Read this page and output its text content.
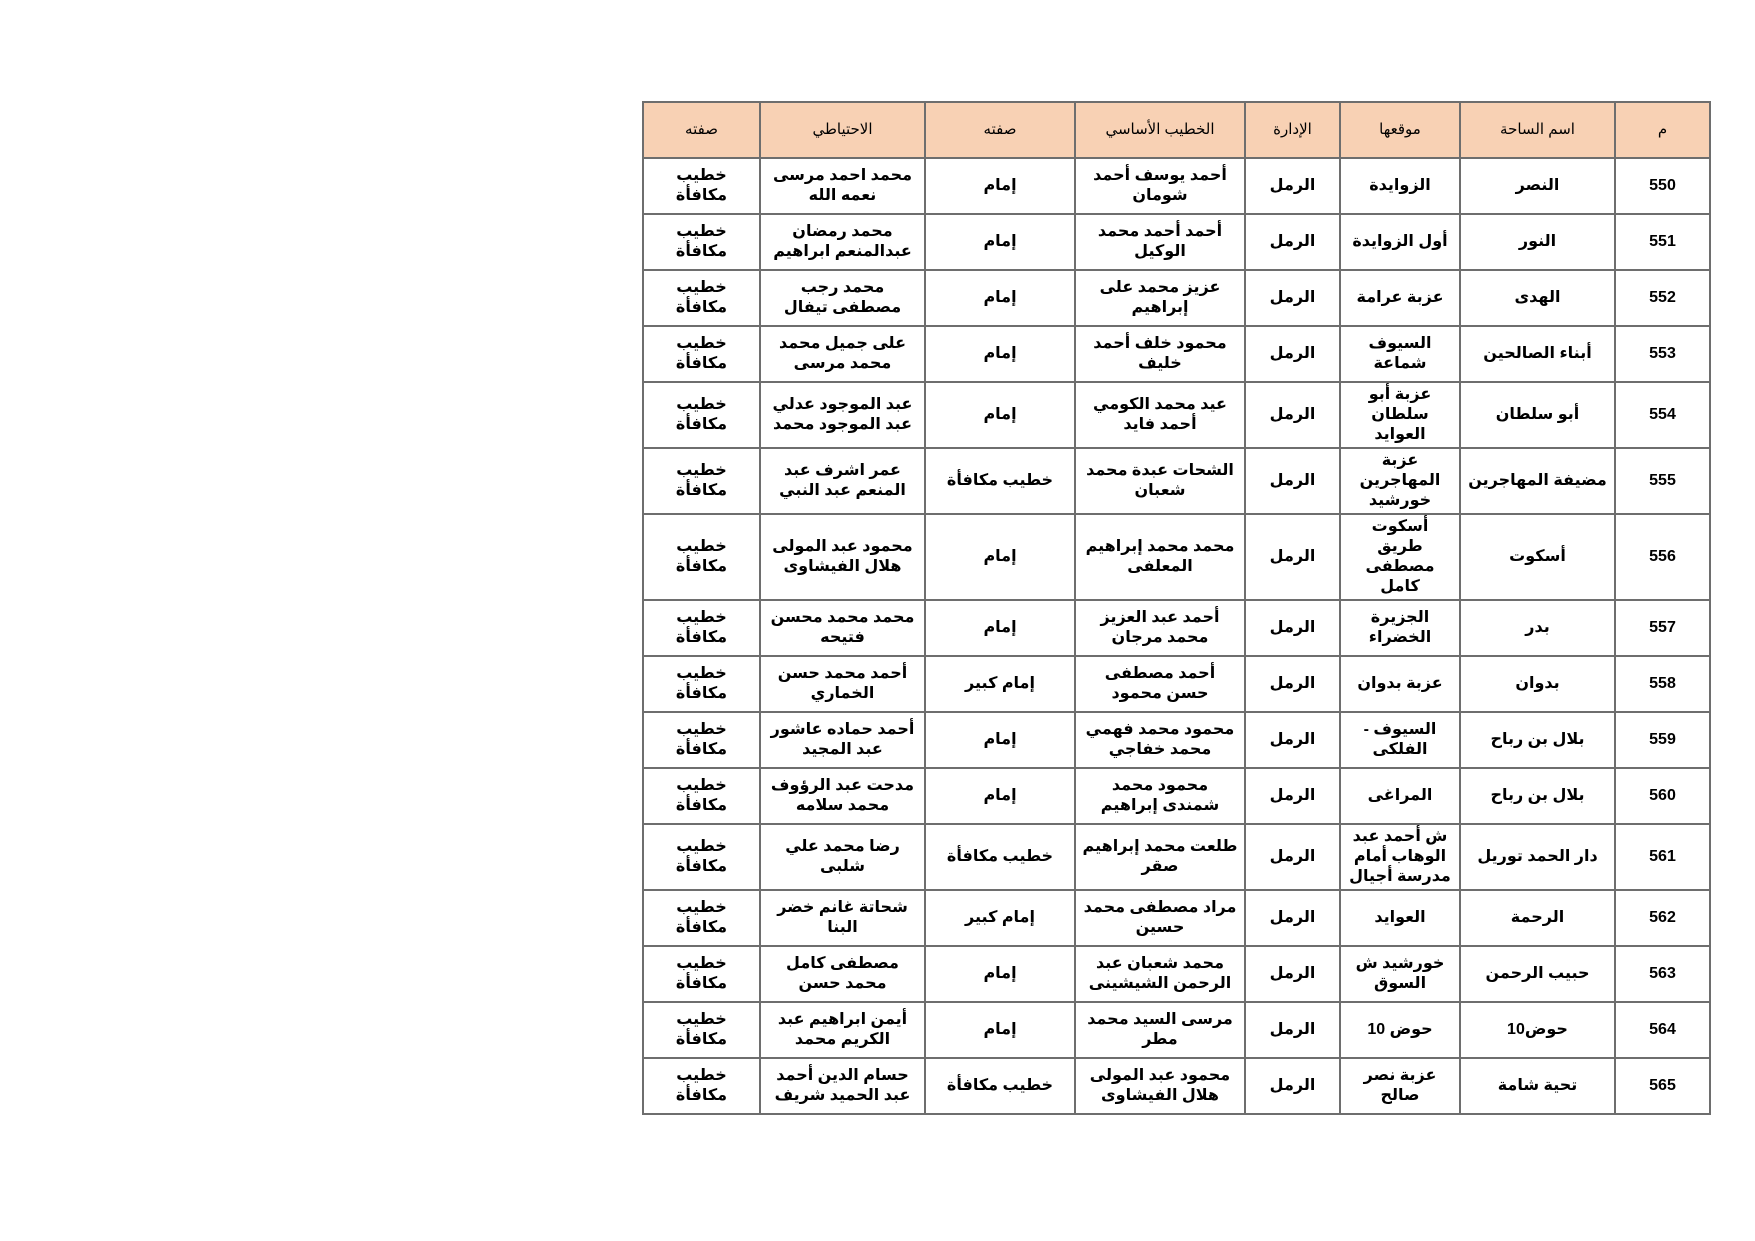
م	اسم الساحة	موقعها	الإدارة	الخطيب الأساسي	صفته	الاحتياطي	صفته
550	النصر	الزوايدة	الرمل	أحمد يوسف أحمد شومان	إمام	محمد احمد مرسى نعمه الله	خطيب مكافأة
551	النور	أول الزوايدة	الرمل	أحمد أحمد محمد الوكيل	إمام	محمد رمضان عبدالمنعم ابراهيم	خطيب مكافأة
552	الهدى	عزبة عرامة	الرمل	عزيز محمد على إبراهيم	إمام	محمد رجب مصطفى تيفال	خطيب مكافأة
553	أبناء الصالحين	السيوف شماعة	الرمل	محمود خلف أحمد خليف	إمام	على جميل محمد محمد مرسى	خطيب مكافأة
554	أبو سلطان	عزبة أبو سلطان العوايد	الرمل	عيد محمد الكومي أحمد فايد	إمام	عبد الموجود عدلي عبد الموجود محمد	خطيب مكافأة
555	مضيفة المهاجرين	عزبة المهاجرين خورشيد	الرمل	الشحات عبدة محمد شعبان	خطيب مكافأة	عمر اشرف عبد المنعم عبد النبي	خطيب مكافأة
556	أسكوت	أسكوت طريق مصطفى كامل	الرمل	محمد محمد إبراهيم المعلفى	إمام	محمود عبد المولى هلال الفيشاوى	خطيب مكافأة
557	بدر	الجزيرة الخضراء	الرمل	أحمد عبد العزيز محمد مرجان	إمام	محمد محمد محسن فتيحه	خطيب مكافأة
558	بدوان	عزبة بدوان	الرمل	أحمد مصطفى حسن محمود	إمام كبير	أحمد محمد حسن الخماري	خطيب مكافأة
559	بلال بن رباح	السيوف - الفلكى	الرمل	محمود محمد فهمي محمد خفاجي	إمام	أحمد حماده عاشور عبد المجيد	خطيب مكافأة
560	بلال بن رباح	المراغى	الرمل	محمود محمد شمندى إبراهيم	إمام	مدحت عبد الرؤوف محمد سلامه	خطيب مكافأة
561	دار الحمد توريل	ش أحمد عبد الوهاب أمام مدرسة أجيال	الرمل	طلعت محمد إبراهيم صقر	خطيب مكافأة	رضا محمد علي شلبى	خطيب مكافأة
562	الرحمة	العوايد	الرمل	مراد مصطفى محمد حسين	إمام كبير	شحاتة غانم خضر البنا	خطيب مكافأة
563	حبيب الرحمن	خورشيد ش السوق	الرمل	محمد شعبان عبد الرحمن الشيشينى	إمام	مصطفى كامل محمد حسن	خطيب مكافأة
564	حوض10	حوض 10	الرمل	مرسى السيد محمد مطر	إمام	أيمن ابراهيم عبد الكريم محمد	خطيب مكافأة
565	تحية شامة	عزبة نصر صالح	الرمل	محمود عبد المولى هلال الفيشاوى	خطيب مكافأة	حسام الدين أحمد عبد الحميد شريف	خطيب مكافأة
